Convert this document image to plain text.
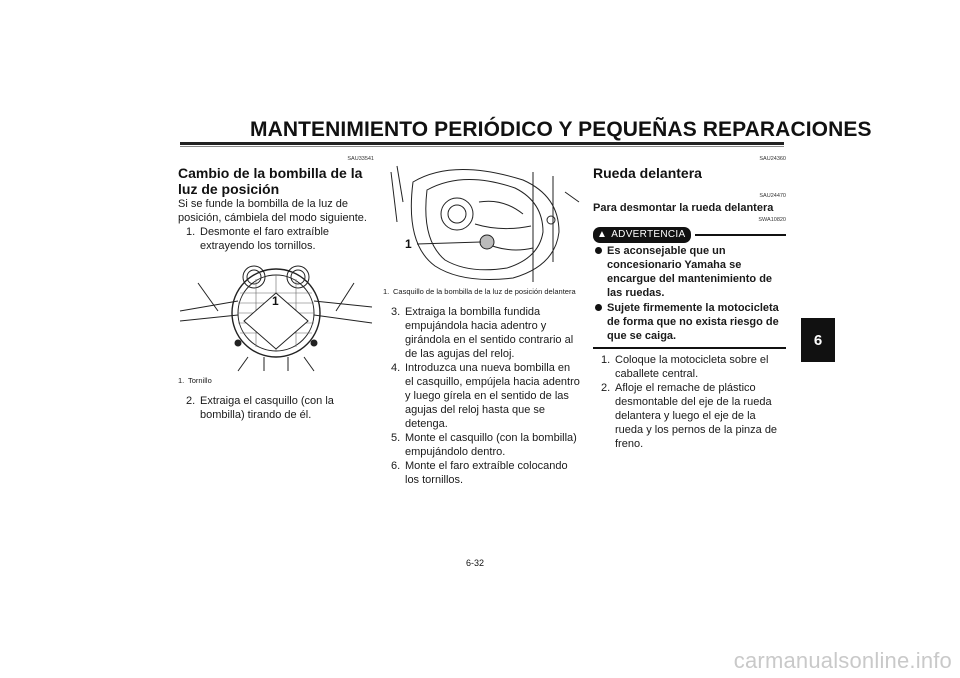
MANTENIMIENTO PERIÓDICO Y PEQUEÑAS REPARACIONES
SAU33541
Cambio de la bombilla de la luz de posición

Si se funde la bombilla de la luz de posición, cámbiela del modo siguiente.

1. Desmonte el faro extraíble extrayendo los tornillos.
1
1. Tornillo
2. Extraiga el casquillo (con la bombilla) tirando de él.
1
1. Casquillo de la bombilla de la luz de posición delantera
3. Extraiga la bombilla fundida empujándola hacia adentro y girándola en el sentido contrario al de las agujas del reloj.
4. Introduzca una nueva bombilla en el casquillo, empújela hacia adentro y luego gírela en el sentido de las agujas del reloj hasta que se detenga.
5. Monte el casquillo (con la bombilla) empujándolo dentro.
6. Monte el faro extraíble colocando los tornillos.
SAU24360
Rueda delantera
SAU24470
Para desmontar la rueda delantera
SWA10820
▲ ADVERTENCIA
Es aconsejable que un concesionario Yamaha se encargue del mantenimiento de las ruedas.
Sujete firmemente la motocicleta de forma que no exista riesgo de que se caiga.
1. Coloque la motocicleta sobre el caballete central.
2. Afloje el remache de plástico desmontable del eje de la rueda delantera y luego el eje de la rueda y los pernos de la pinza de freno.
6
6-32
carmanualsonline.info
